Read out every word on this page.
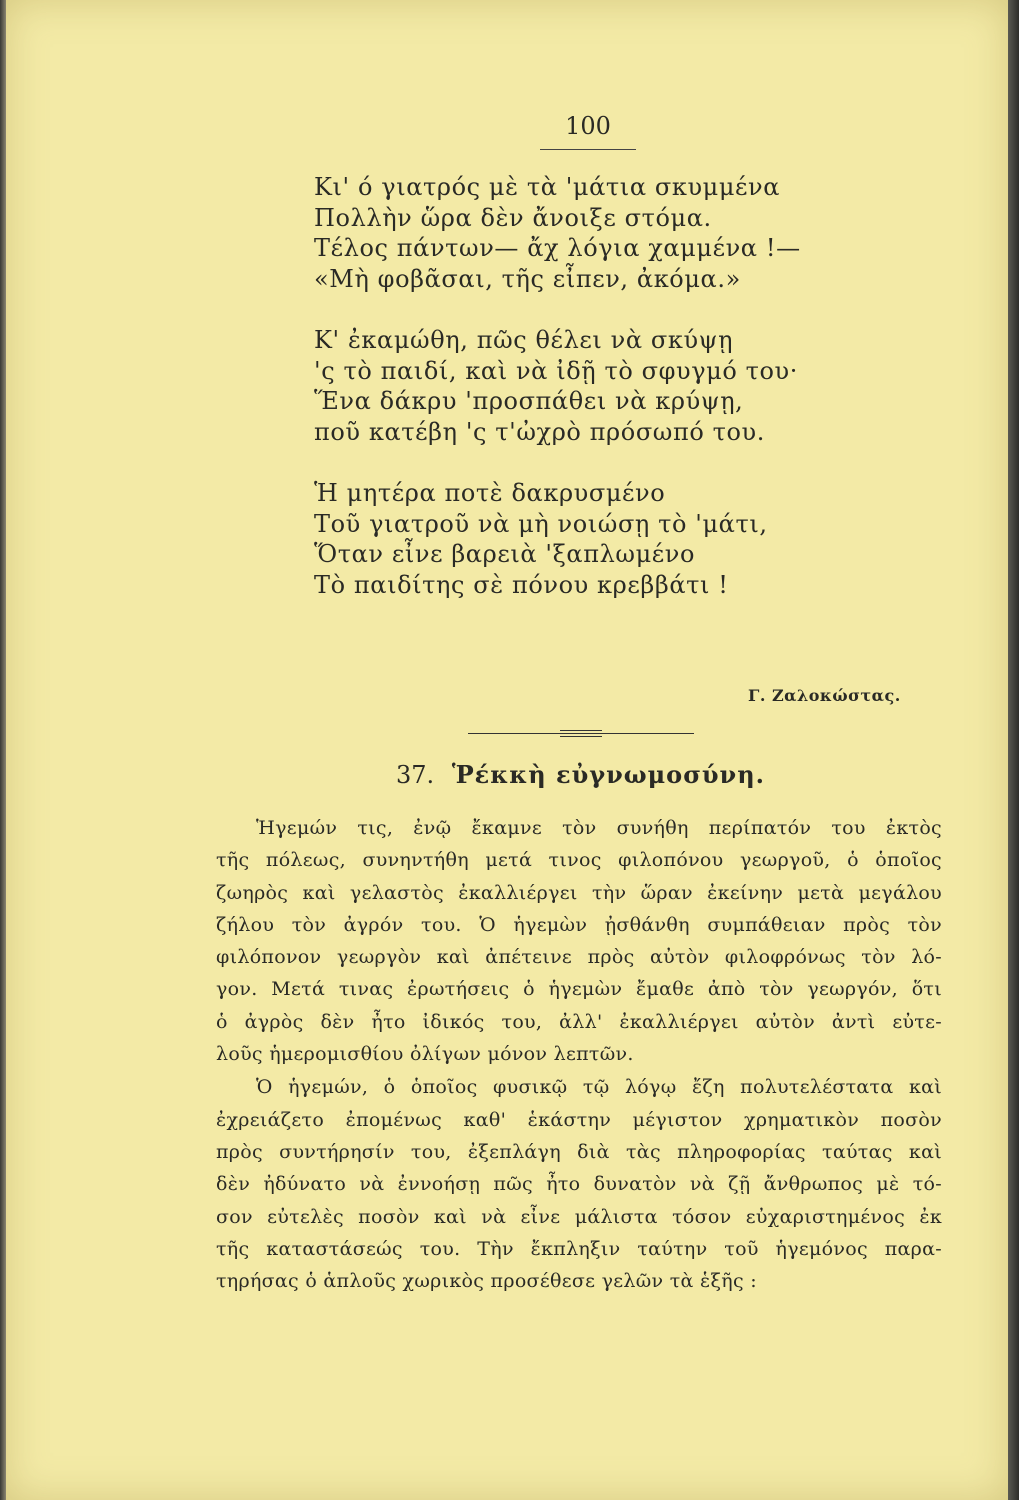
100
Κι' ό γιατρός μὲ τὰ 'μάτια σκυμμένα
Πολλὴν ὥρα δὲν ἄνοιξε στόμα.
Τέλος πάντων— ἄχ λόγια χαμμένα !—
«Μὴ φοβᾶσαι, τῆς εἶπεν, ἀκόμα.»
Κ' ἐκαμώθη, πῶς θέλει νὰ σκύψῃ
'ς τὸ παιδί, καὶ νὰ ἰδῇ τὸ σφυγμό του·
Ἕνα δάκρυ 'προσπάθει νὰ κρύψῃ,
ποῦ κατέβη 'ς τ'ὠχρὸ πρόσωπό του.
Ἡ μητέρα ποτὲ δακρυσμένο
Τοῦ γιατροῦ νὰ μὴ νοιώσῃ τὸ 'μάτι,
Ὅταν εἶνε βαρειὰ 'ξαπλωμένο
Τὸ παιδίτης σὲ πόνου κρεββάτι !
Γ. Ζαλοκώστας.
37. Ῥέκκὴ εὐγνωμοσύνη.
Ἡγεμών τις, ἐνῷ ἔκαμνε τὸν συνήθη περίπατόν του ἐκτὸς
τῆς πόλεως, συνηντήθη μετά τινος φιλοπόνου γεωργοῦ, ὁ ὁποῖος
ζωηρὸς καὶ γελαστὸς ἐκαλλιέργει τὴν ὥραν ἐκείνην μετὰ μεγάλου
ζήλου τὸν ἀγρόν του. Ὁ ἡγεμὼν ᾐσθάνθη συμπάθειαν πρὸς τὸν
φιλόπονον γεωργὸν καὶ ἀπέτεινε πρὸς αὐτὸν φιλοφρόνως τὸν λό-
γον. Μετά τινας ἐρωτήσεις ὁ ἡγεμὼν ἔμαθε ἀπὸ τὸν γεωργόν, ὅτι
ὁ ἀγρὸς δὲν ἦτο ἰδικός του, ἀλλ' ἐκαλλιέργει αὐτὸν ἀντὶ εὐτε-
λοῦς ἡμερομισθίου ὀλίγων μόνον λεπτῶν.
Ὁ ἡγεμών, ὁ ὁποῖος φυσικῷ τῷ λόγῳ ἔζη πολυτελέστατα καὶ
ἐχρειάζετο ἐπομένως καθ' ἑκάστην μέγιστον χρηματικὸν ποσὸν
πρὸς συντήρησίν του, ἐξεπλάγη διὰ τὰς πληροφορίας ταύτας καὶ
δὲν ἠδύνατο νὰ ἐννοήσῃ πῶς ἦτο δυνατὸν νὰ ζῇ ἄνθρωπος μὲ τό-
σον εὐτελὲς ποσὸν καὶ νὰ εἶνε μάλιστα τόσον εὐχαριστημένος ἐκ
τῆς καταστάσεώς του. Τὴν ἔκπληξιν ταύτην τοῦ ἡγεμόνος παρα-
τηρήσας ὁ ἁπλοῦς χωρικὸς προσέθεσε γελῶν τὰ ἑξῆς :
